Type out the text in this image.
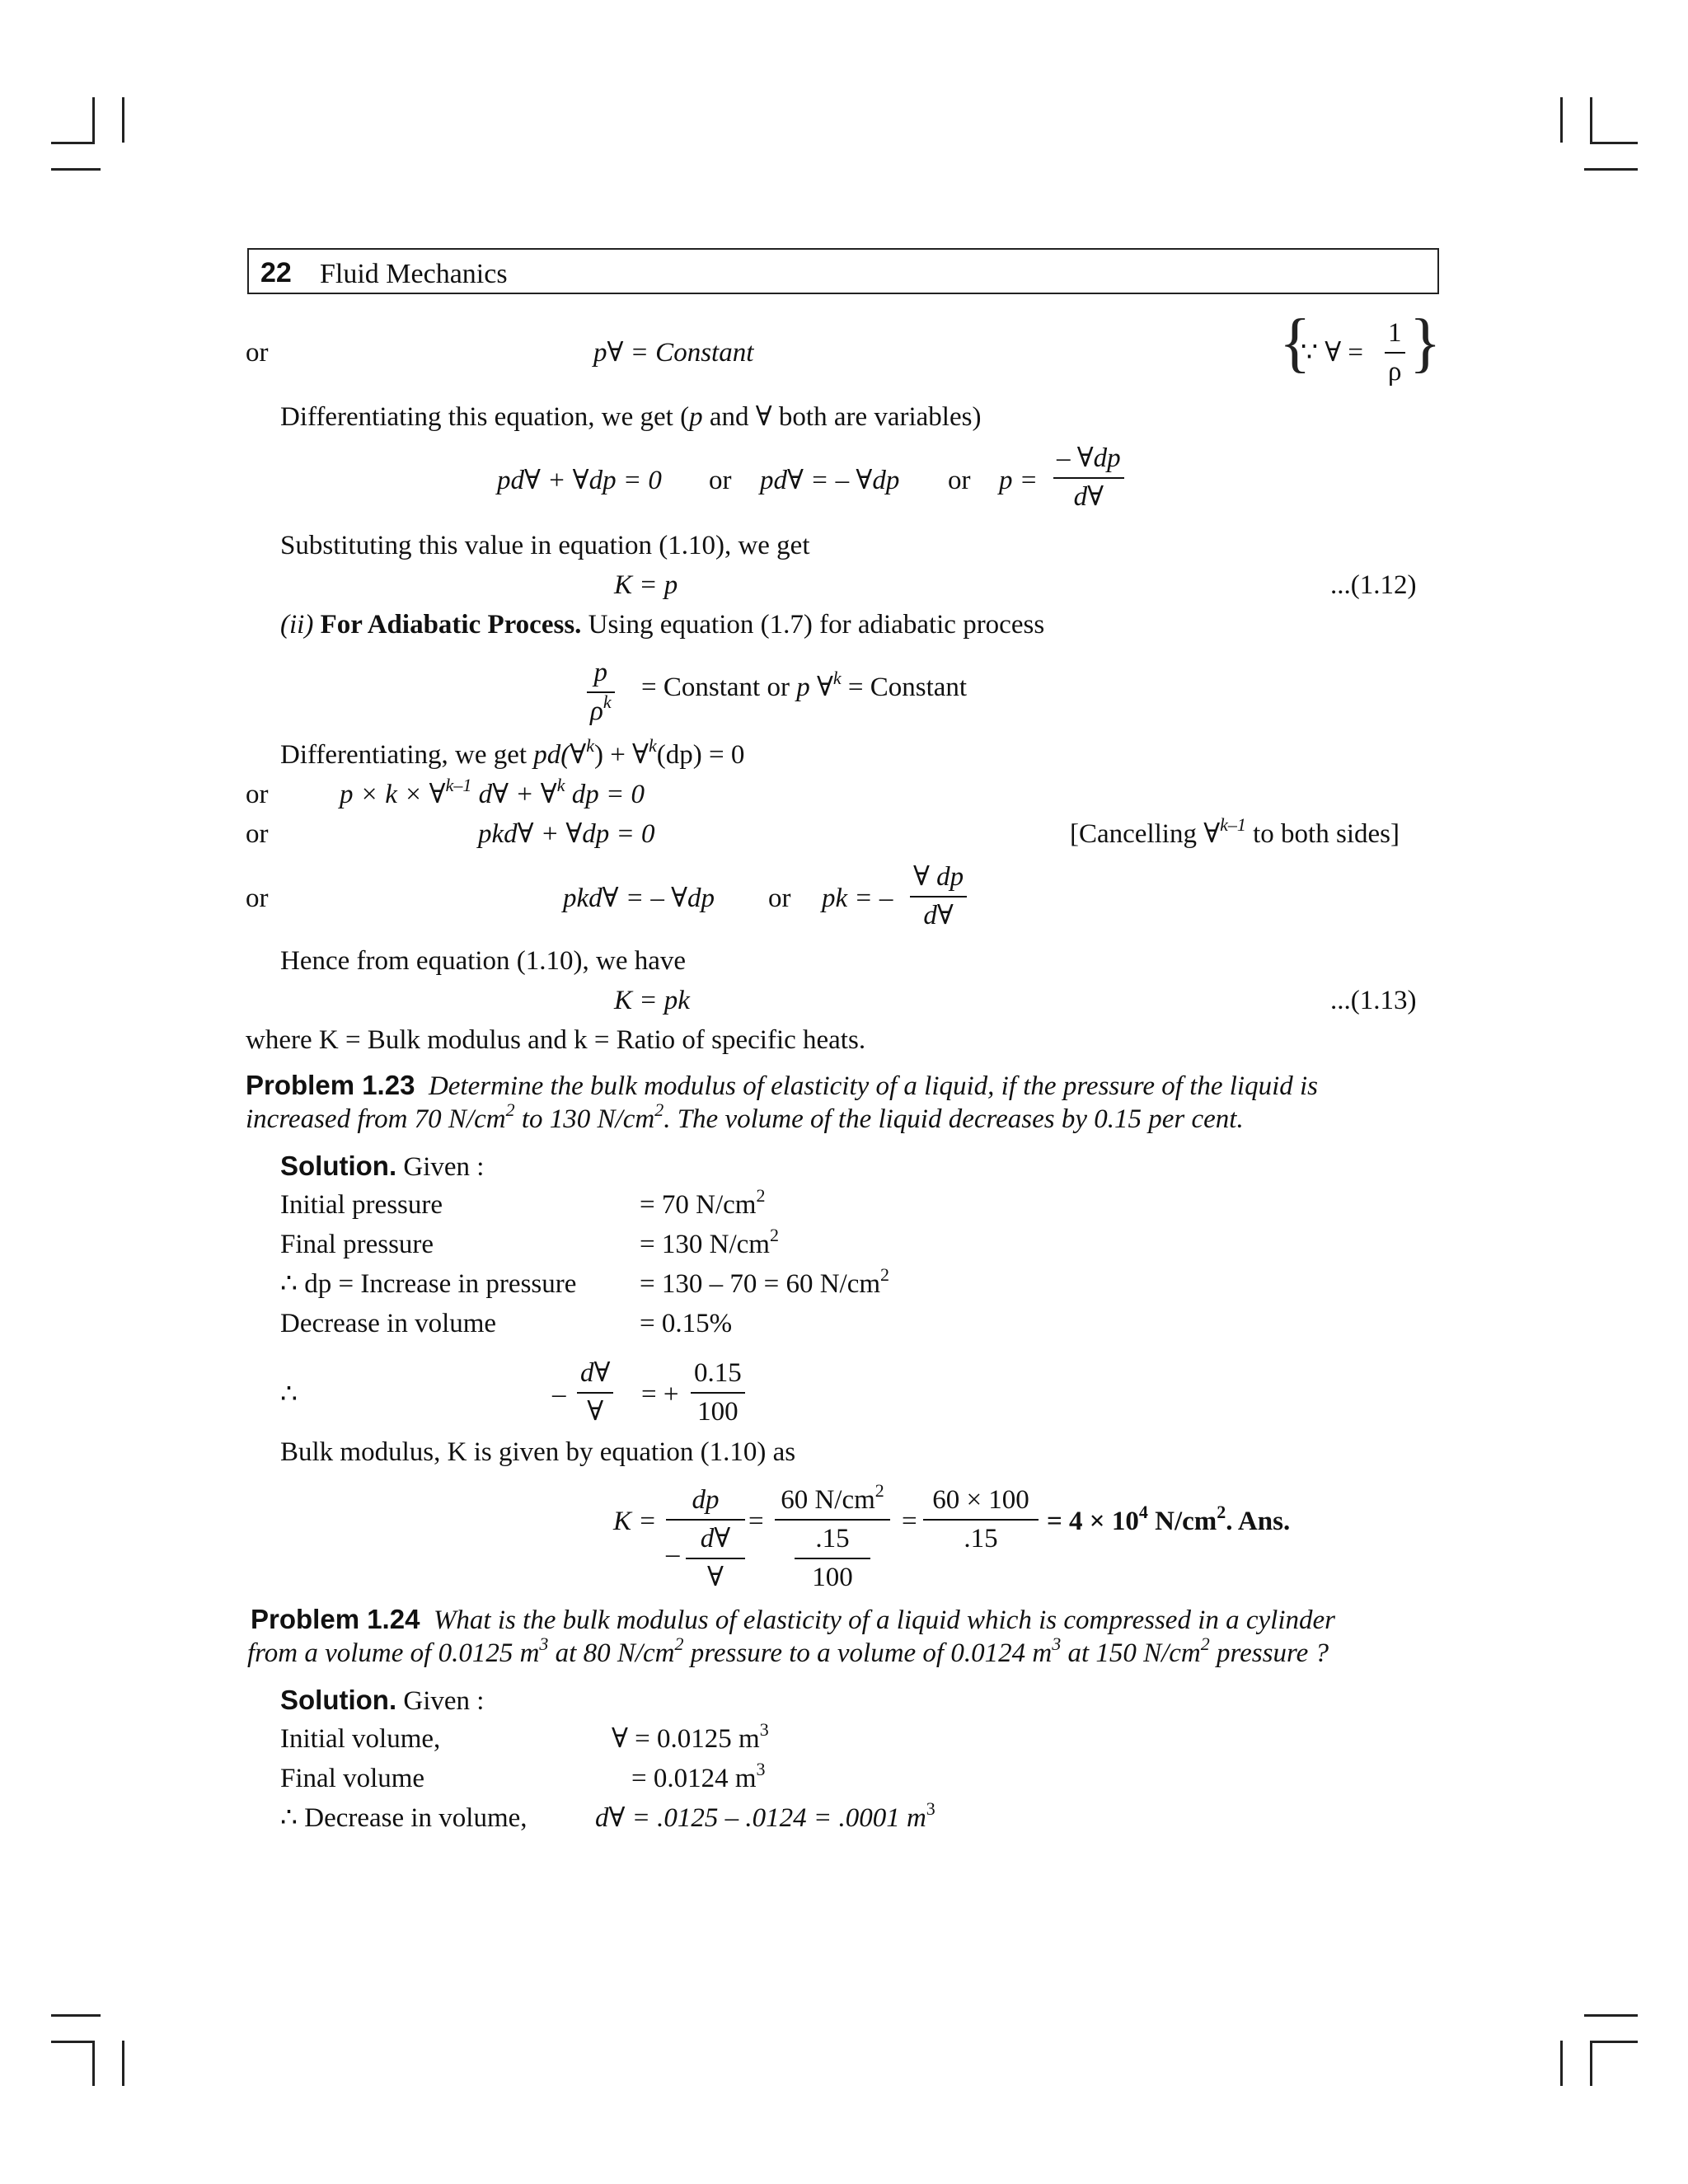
22 Fluid Mechanics
or	p∀ = Constant	{
∵ ∀ =
1
ρ }
Differentiating this equation, we get (p and ∀ both are variables)
pd∀ + ∀dp = 0 or pd∀ = – ∀dp or p =
– ∀dp
d∀
Substituting this value in equation (1.10), we get
K = p	...(1.12)
(ii) For Adiabatic Process. Using equation (1.7) for adiabatic process
p
$\rho^k$ = Constant or p ∀$^k$ = Constant
Differentiating, we get pd(∀$^k$) + ∀$^k$(dp) = 0
or	p × k × ∀$^{k-1}$ d∀ + ∀$^k$ dp = 0
or	pkd∀ + ∀dp = 0	[Cancelling ∀$^{k-1}$ to both sides]
or	pkd∀ = – ∀dp or pk = –
∀ dp
d∀
Hence from equation (1.10), we have
K = pk	...(1.13)
where K = Bulk modulus and k = Ratio of specific heats.
Problem 1.23 Determine the bulk modulus of elasticity of a liquid, if the pressure of the liquid is
increased from 70 $N/cm^2$ to 130 $N/cm^2$. The volume of the liquid decreases by 0.15 per cent.
Solution. Given :
Initial pressure	= 70 $N/cm^2$
Final pressure	= 130 $N/cm^2$
∴ dp = Increase in pressure = 130 – 70 = 60 $N/cm^2$
Decrease in volume	= 0.15%
∴	–
d∀
∀
= +
0.15
100
Bulk modulus, K is given by equation (1.10) as
K =
dp
–
d∀
∀
=
60 $N/cm^2$
.15
100
=
60 × 100
.15
= $4 \times 10^4$ $N/cm^2$. Ans.
Problem 1.24 What is the bulk modulus of elasticity of a liquid which is compressed in a cylinder
from a volume of 0.0125 $m^3$ at 80 $N/cm^2$ pressure to a volume of 0.0124 $m^3$ at 150 $N/cm^2$ pressure ?
Solution. Given :
Initial volume,	∀ = 0.0125 $m^3$
Final volume	= 0.0124 $m^3$
∴ Decrease in volume, d∀ = .0125 – .0124 = .0001 $m^3$
